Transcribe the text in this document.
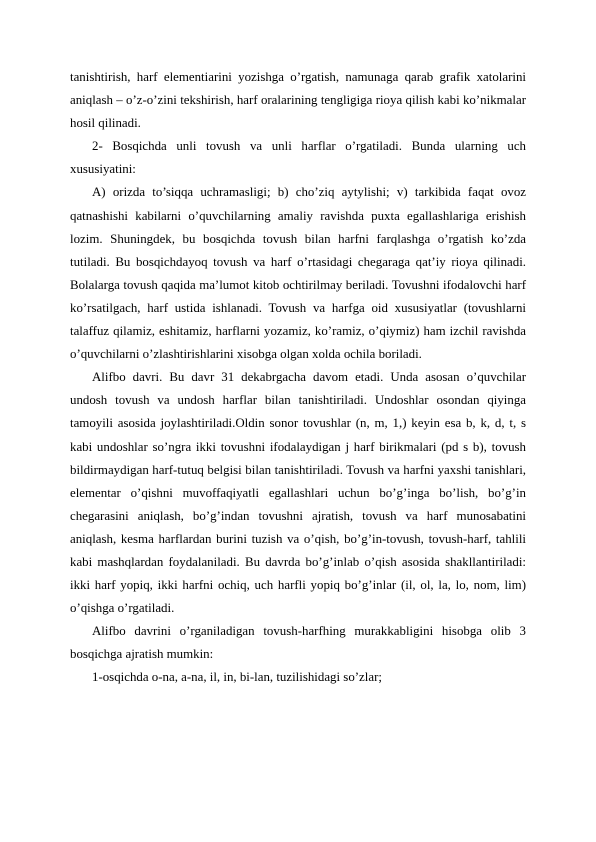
tanishtirish, harf elementiarini yozishga o’rgatish, namunaga qarab grafik xatolarini aniqlash – o’z-o’zini tekshirish, harf oralarining tengligiga rioya qilish kabi ko’nikmalar hosil qilinadi.

2- Bosqichda unli tovush va unli harflar o’rgatiladi. Bunda ularning uch xususiyatini:

A) orizda to’siqqa uchramasligi; b) cho’ziq aytylishi; v) tarkibida faqat ovoz qatnashishi kabilarni o’quvchilarning amaliy ravishda puxta egallashlariga erishish lozim. Shuningdek, bu bosqichda tovush bilan harfni farqlashga o’rgatish ko’zda tutiladi. Bu bosqichdayoq tovush va harf o’rtasidagi chegaraga qat’iy rioya qilinadi. Bolalarga tovush qaqida ma’lumot kitob ochtirilmay beriladi. Tovushni ifodalovchi harf ko’rsatilgach, harf ustida ishlanadi. Tovush va harfga oid xususiyatlar (tovushlarni talaffuz qilamiz, eshitamiz, harflarni yozamiz, ko’ramiz, o’qiymiz) ham izchil ravishda o’quvchilarni o’zlashtirishlarini xisobga olgan xolda ochila boriladi.

Alifbo davri. Bu davr 31 dekabrgacha davom etadi. Unda asosan o’quvchilar undosh tovush va undosh harflar bilan tanishtiriladi. Undoshlar osondan qiyinga tamoyili asosida joylashtiriladi.Oldin sonor tovushlar (n, m, 1,) keyin esa b, k, d, t, s kabi undoshlar so’ngra ikki tovushni ifodalaydigan j harf birikmalari (pd s b), tovush bildirmaydigan harf-tutuq belgisi bilan tanishtiriladi. Tovush va harfni yaxshi tanishlari, elementar o’qishni muvoffaqiyatli egallashlari uchun bo’g’inga bo’lish, bo’g’in chegarasini aniqlash, bo’g’indan tovushni ajratish, tovush va harf munosabatini aniqlash, kesma harflardan burini tuzish va o’qish, bo’g’in-tovush, tovush-harf, tahlili kabi mashqlardan foydalaniladi. Bu davrda bo’g’inlab o’qish asosida shakllantiriladi: ikki harf yopiq, ikki harfni ochiq, uch harfli yopiq bo’g’inlar (il, ol, la, lo, nom, lim) o’qishga o’rgatiladi.

Alifbo davrini o’rganiladigan tovush-harfhing murakkabligini hisobga olib 3 bosqichga ajratish mumkin:

1-osqichda o-na, a-na, il, in, bi-lan, tuzilishidagi so’zlar;
